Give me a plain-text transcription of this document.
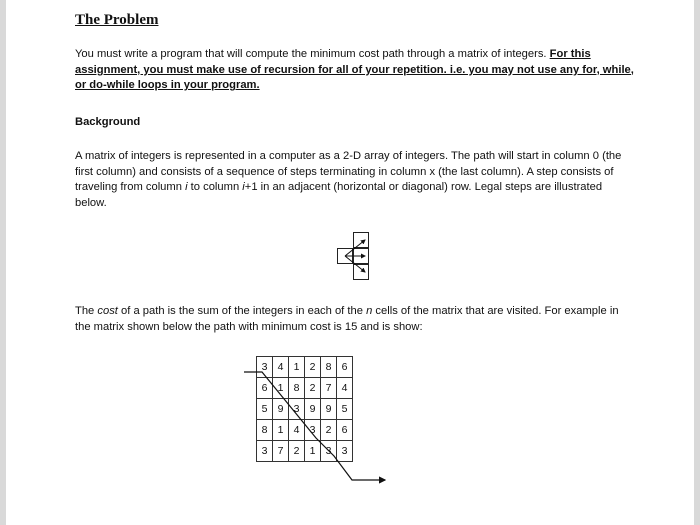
The Problem
You must write a program that will compute the minimum cost path through a matrix of integers. For this assignment, you must make use of recursion for all of your repetition. i.e. you may not use any for, while, or do-while loops in your program.
Background
A matrix of integers is represented in a computer as a 2-D array of integers. The path will start in column 0 (the first column) and consists of a sequence of steps terminating in column x (the last column). A step consists of traveling from column i to column i+1 in an adjacent (horizontal or diagonal) row. Legal steps are illustrated below.
The cost of a path is the sum of the integers in each of the n cells of the matrix that are visited. For example in the matrix shown below the path with minimum cost is 15 and is show:
3	4	1	2	8	6
6	1	8	2	7	4
5	9	3	9	9	5
8	1	4	3	2	6
3	7	2	1	3	3
